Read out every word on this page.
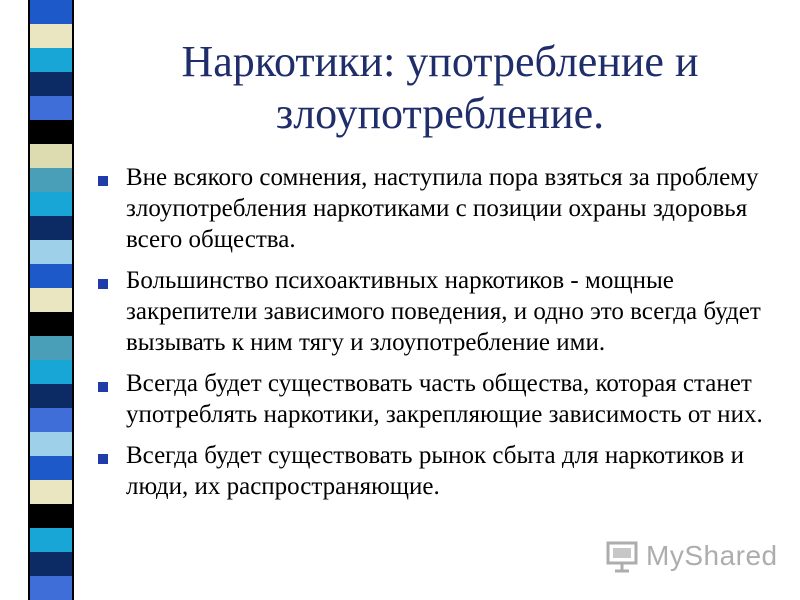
Наркотики: употребление и злоупотребление.
Вне всякого сомнения, наступила пора взяться за проблему злоупотребления наркотиками с позиции охраны здоровья всего общества.
Большинство психоактивных наркотиков - мощные закрепители зависимого поведения, и одно это всегда будет вызывать к ним тягу и злоупотребление ими.
Всегда будет существовать часть общества, которая станет употреблять наркотики, закрепляющие зависимость от них.
Всегда будет существовать рынок сбыта для наркотиков и люди, их распространяющие.
MyShared
